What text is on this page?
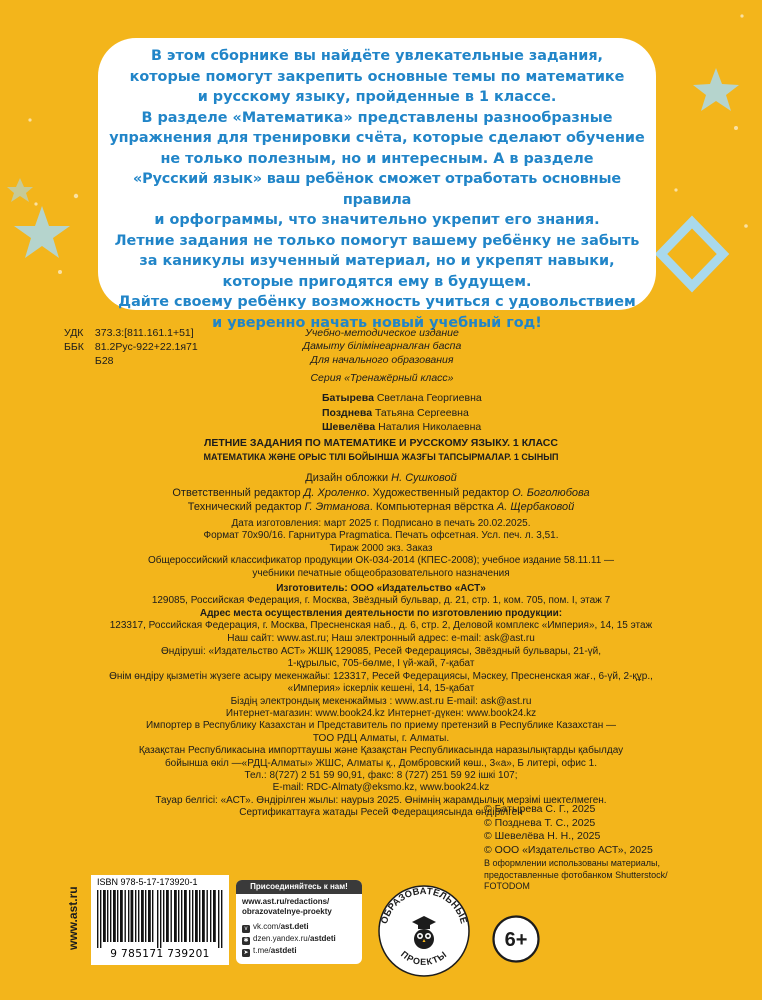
В этом сборнике вы найдёте увлекательные задания,
которые помогут закрепить основные темы по математике
и русскому языку, пройденные в 1 классе.
В разделе «Математика» представлены разнообразные
упражнения для тренировки счёта, которые сделают обучение
не только полезным, но и интересным. А в разделе
«Русский язык» ваш ребёнок сможет отработать основные правила
и орфограммы, что значительно укрепит его знания.
Летние задания не только помогут вашему ребёнку не забыть
за каникулы изученный материал, но и укрепят навыки,
которые пригодятся ему в будущем.
Дайте своему ребёнку возможность учиться с удовольствием
и уверенно начать новый учебный год!

УДК 373.3:[811.161.1+51]
ББК 81.2Рус-922+22.1я71
Б28
Учебно-методическое издание
Дамыту бiлiмiнеарналған баспа
Для начального образования
Серия «Тренажёрный класс»
Батырева Светлана Георгиевна
Позднева Татьяна Сергеевна
Шевелёва Наталия Николаевна
ЛЕТНИЕ ЗАДАНИЯ ПО МАТЕМАТИКЕ И РУССКОМУ ЯЗЫКУ. 1 КЛАСС
МАТЕМАТИКА ЖӘНЕ ОРЫС ТІЛІ БОЙЫНША ЖАЗҒЫ ТАПСЫРМАЛАР. 1 СЫНЫП
Дизайн обложки Н. Сушковой
Ответственный редактор Д. Хроленко. Художественный редактор О. Боголюбова
Технический редактор Г. Этманова. Компьютерная вёрстка А. Щербаковой
Дата изготовления: март 2025 г. Подписано в печать 20.02.2025.
Формат 70x90/16. Гарнитура Pragmatica. Печать офсетная. Усл. печ. л. 3,51.
Тираж 2000 экз. Заказ
Общероссийский классификатор продукции ОК-034-2014 (КПЕС-2008); учебное издание 58.11.11 —
учебники печатные общеобразовательного назначения
Изготовитель: ООО «Издательство «АСТ»
129085, Российская Федерация, г. Москва, Звёздный бульвар, д. 21, стр. 1, ком. 705, пом. I, этаж 7
Адрес места осуществления деятельности по изготовлению продукции:
123317, Российская Федерация, г. Москва, Пресненская наб., д. 6, стр. 2, Деловой комплекс «Империя», 14, 15 этаж
Наш сайт: www.ast.ru; Наш электронный адрес: e-mail: ask@ast.ru
Өндiрушi: «Издательство АСТ» ЖШҚ 129085, Ресей Федерациясы, Звёздный бульвары, 21-үй,
1-құрылыс, 705-бөлме, I үй-жай, 7-қабат
Өнiм өндiру қызметiн жүзеге асыру мекенжайы: 123317, Ресей Федерациясы, Мәскеу, Пресненская жағ., 6-үй, 2-құр.,
«Империя» iскерлiк кешенi, 14, 15-қабат
Бiздiң электрондық мекенжаймыз : www.ast.ru E-mail: ask@ast.ru
Интернет-магазин: www.book24.kz Интернет-дүкен: www.book24.kz
Импортер в Республику Казахстан и Представитель по приему претензий в Республике Казахстан —
ТОО РДЦ Алматы, г. Алматы.
Қазақстан Республикасына импорттаушы және Қазақстан Республикасында наразылықтарды қабылдау
бойынша өкiл —«РДЦ-Алматы» ЖШС, Алматы қ., Домбровский көш., 3«а», Б литерi, офис 1.
Тел.: 8(727) 2 51 59 90,91, факс: 8 (727) 251 59 92 iшкi 107;
E-mail: RDC-Almaty@eksmo.kz, www.book24.kz
Тауар белгiсi: «АСТ». Өндiрiлген жылы: наурыз 2025. Өнiмнiң жарамдылық мерзiмi шектелмеген.
Сертификаттауға жатады Ресей Федерациясында өндiрiлген
© Батырева С. Г., 2025
© Позднева Т. С., 2025
© Шевелёва Н. Н., 2025
© ООО «Издательство АСТ», 2025
В оформлении использованы материалы,
предоставленные фотобанком Shutterstock/
FOTODOM
www.ast.ru
ISBN 978-5-17-173920-1
9 785171 739201
Присоединяйтесь к нам!
www.ast.ru/redactions/
obrazovatelnye-proekty
v vk.com/ast.deti
✱ dzen.yandex.ru/astdeti
➤ t.me/astdeti
ОБРАЗОВАТЕЛЬНЫЕ
ПРОЕКТЫ
6+
